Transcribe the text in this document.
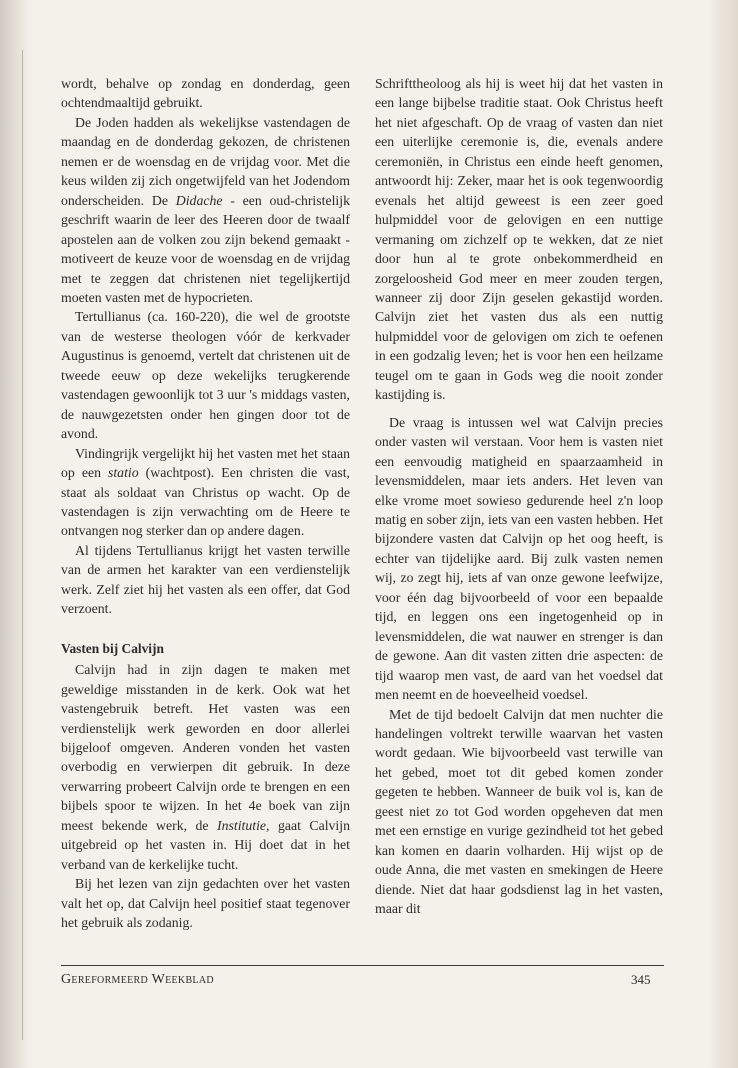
wordt, behalve op zondag en donderdag, geen ochtendmaaltijd gebruikt.

De Joden hadden als wekelijkse vastendagen de maandag en de donderdag gekozen, de christenen nemen er de woensdag en de vrijdag voor. Met die keus wilden zij zich ongetwijfeld van het Jodendom onderscheiden. De Didache - een oud-christelijk geschrift waarin de leer des Heeren door de twaalf apostelen aan de volken zou zijn bekend gemaakt - motiveert de keuze voor de woensdag en de vrijdag met te zeggen dat christenen niet tegelijkertijd moeten vasten met de hypocrieten.

Tertullianus (ca. 160-220), die wel de grootste van de westerse theologen vóór de kerkvader Augustinus is genoemd, vertelt dat christenen uit de tweede eeuw op deze wekelijks terugkerende vastendagen gewoonlijk tot 3 uur 's middags vasten, de nauwgezetsten onder hen gingen door tot de avond.

Vindingrijk vergelijkt hij het vasten met het staan op een statio (wachtpost). Een christen die vast, staat als soldaat van Christus op wacht. Op de vastendagen is zijn verwachting om de Heere te ontvangen nog sterker dan op andere dagen.

Al tijdens Tertullianus krijgt het vasten terwille van de armen het karakter van een verdienstelijk werk. Zelf ziet hij het vasten als een offer, dat God verzoent.

Vasten bij Calvijn

Calvijn had in zijn dagen te maken met geweldige misstanden in de kerk. Ook wat het vastengebruik betreft. Het vasten was een verdienstelijk werk geworden en door allerlei bijgeloof omgeven. Anderen vonden het vasten overbodig en verwierpen dit gebruik. In deze verwarring probeert Calvijn orde te brengen en een bijbels spoor te wijzen. In het 4e boek van zijn meest bekende werk, de Institutie, gaat Calvijn uitgebreid op het vasten in. Hij doet dat in het verband van de kerkelijke tucht.

Bij het lezen van zijn gedachten over het vasten valt het op, dat Calvijn heel positief staat tegenover het gebruik als zodanig.

Schrifttheoloog als hij is weet hij dat het vasten in een lange bijbelse traditie staat. Ook Christus heeft het niet afgeschaft. Op de vraag of vasten dan niet een uiterlijke ceremonie is, die, evenals andere ceremoniën, in Christus een einde heeft genomen, antwoordt hij: Zeker, maar het is ook tegenwoordig evenals het altijd geweest is een zeer goed hulpmiddel voor de gelovigen en een nuttige vermaning om zichzelf op te wekken, dat ze niet door hun al te grote onbekommerdheid en zorgeloosheid God meer en meer zouden tergen, wanneer zij door Zijn geselen gekastijd worden. Calvijn ziet het vasten dus als een nuttig hulpmiddel voor de gelovigen om zich te oefenen in een godzalig leven; het is voor hen een heilzame teugel om te gaan in Gods weg die nooit zonder kastijding is.

De vraag is intussen wel wat Calvijn precies onder vasten wil verstaan. Voor hem is vasten niet een eenvoudig matigheid en spaarzaamheid in levensmiddelen, maar iets anders. Het leven van elke vrome moet sowieso gedurende heel z'n loop matig en sober zijn, iets van een vasten hebben. Het bijzondere vasten dat Calvijn op het oog heeft, is echter van tijdelijke aard. Bij zulk vasten nemen wij, zo zegt hij, iets af van onze gewone leefwijze, voor één dag bijvoorbeeld of voor een bepaalde tijd, en leggen ons een ingetogenheid op in levensmiddelen, die wat nauwer en strenger is dan de gewone. Aan dit vasten zitten drie aspecten: de tijd waarop men vast, de aard van het voedsel dat men neemt en de hoeveelheid voedsel.

Met de tijd bedoelt Calvijn dat men nuchter die handelingen voltrekt terwille waarvan het vasten wordt gedaan. Wie bijvoorbeeld vast terwille van het gebed, moet tot dit gebed komen zonder gegeten te hebben. Wanneer de buik vol is, kan de geest niet zo tot God worden opgeheven dat men met een ernstige en vurige gezindheid tot het gebed kan komen en daarin volharden. Hij wijst op de oude Anna, die met vasten en smekingen de Heere diende. Niet dat haar godsdienst lag in het vasten, maar dit

Gereformeerd Weekblad	345
